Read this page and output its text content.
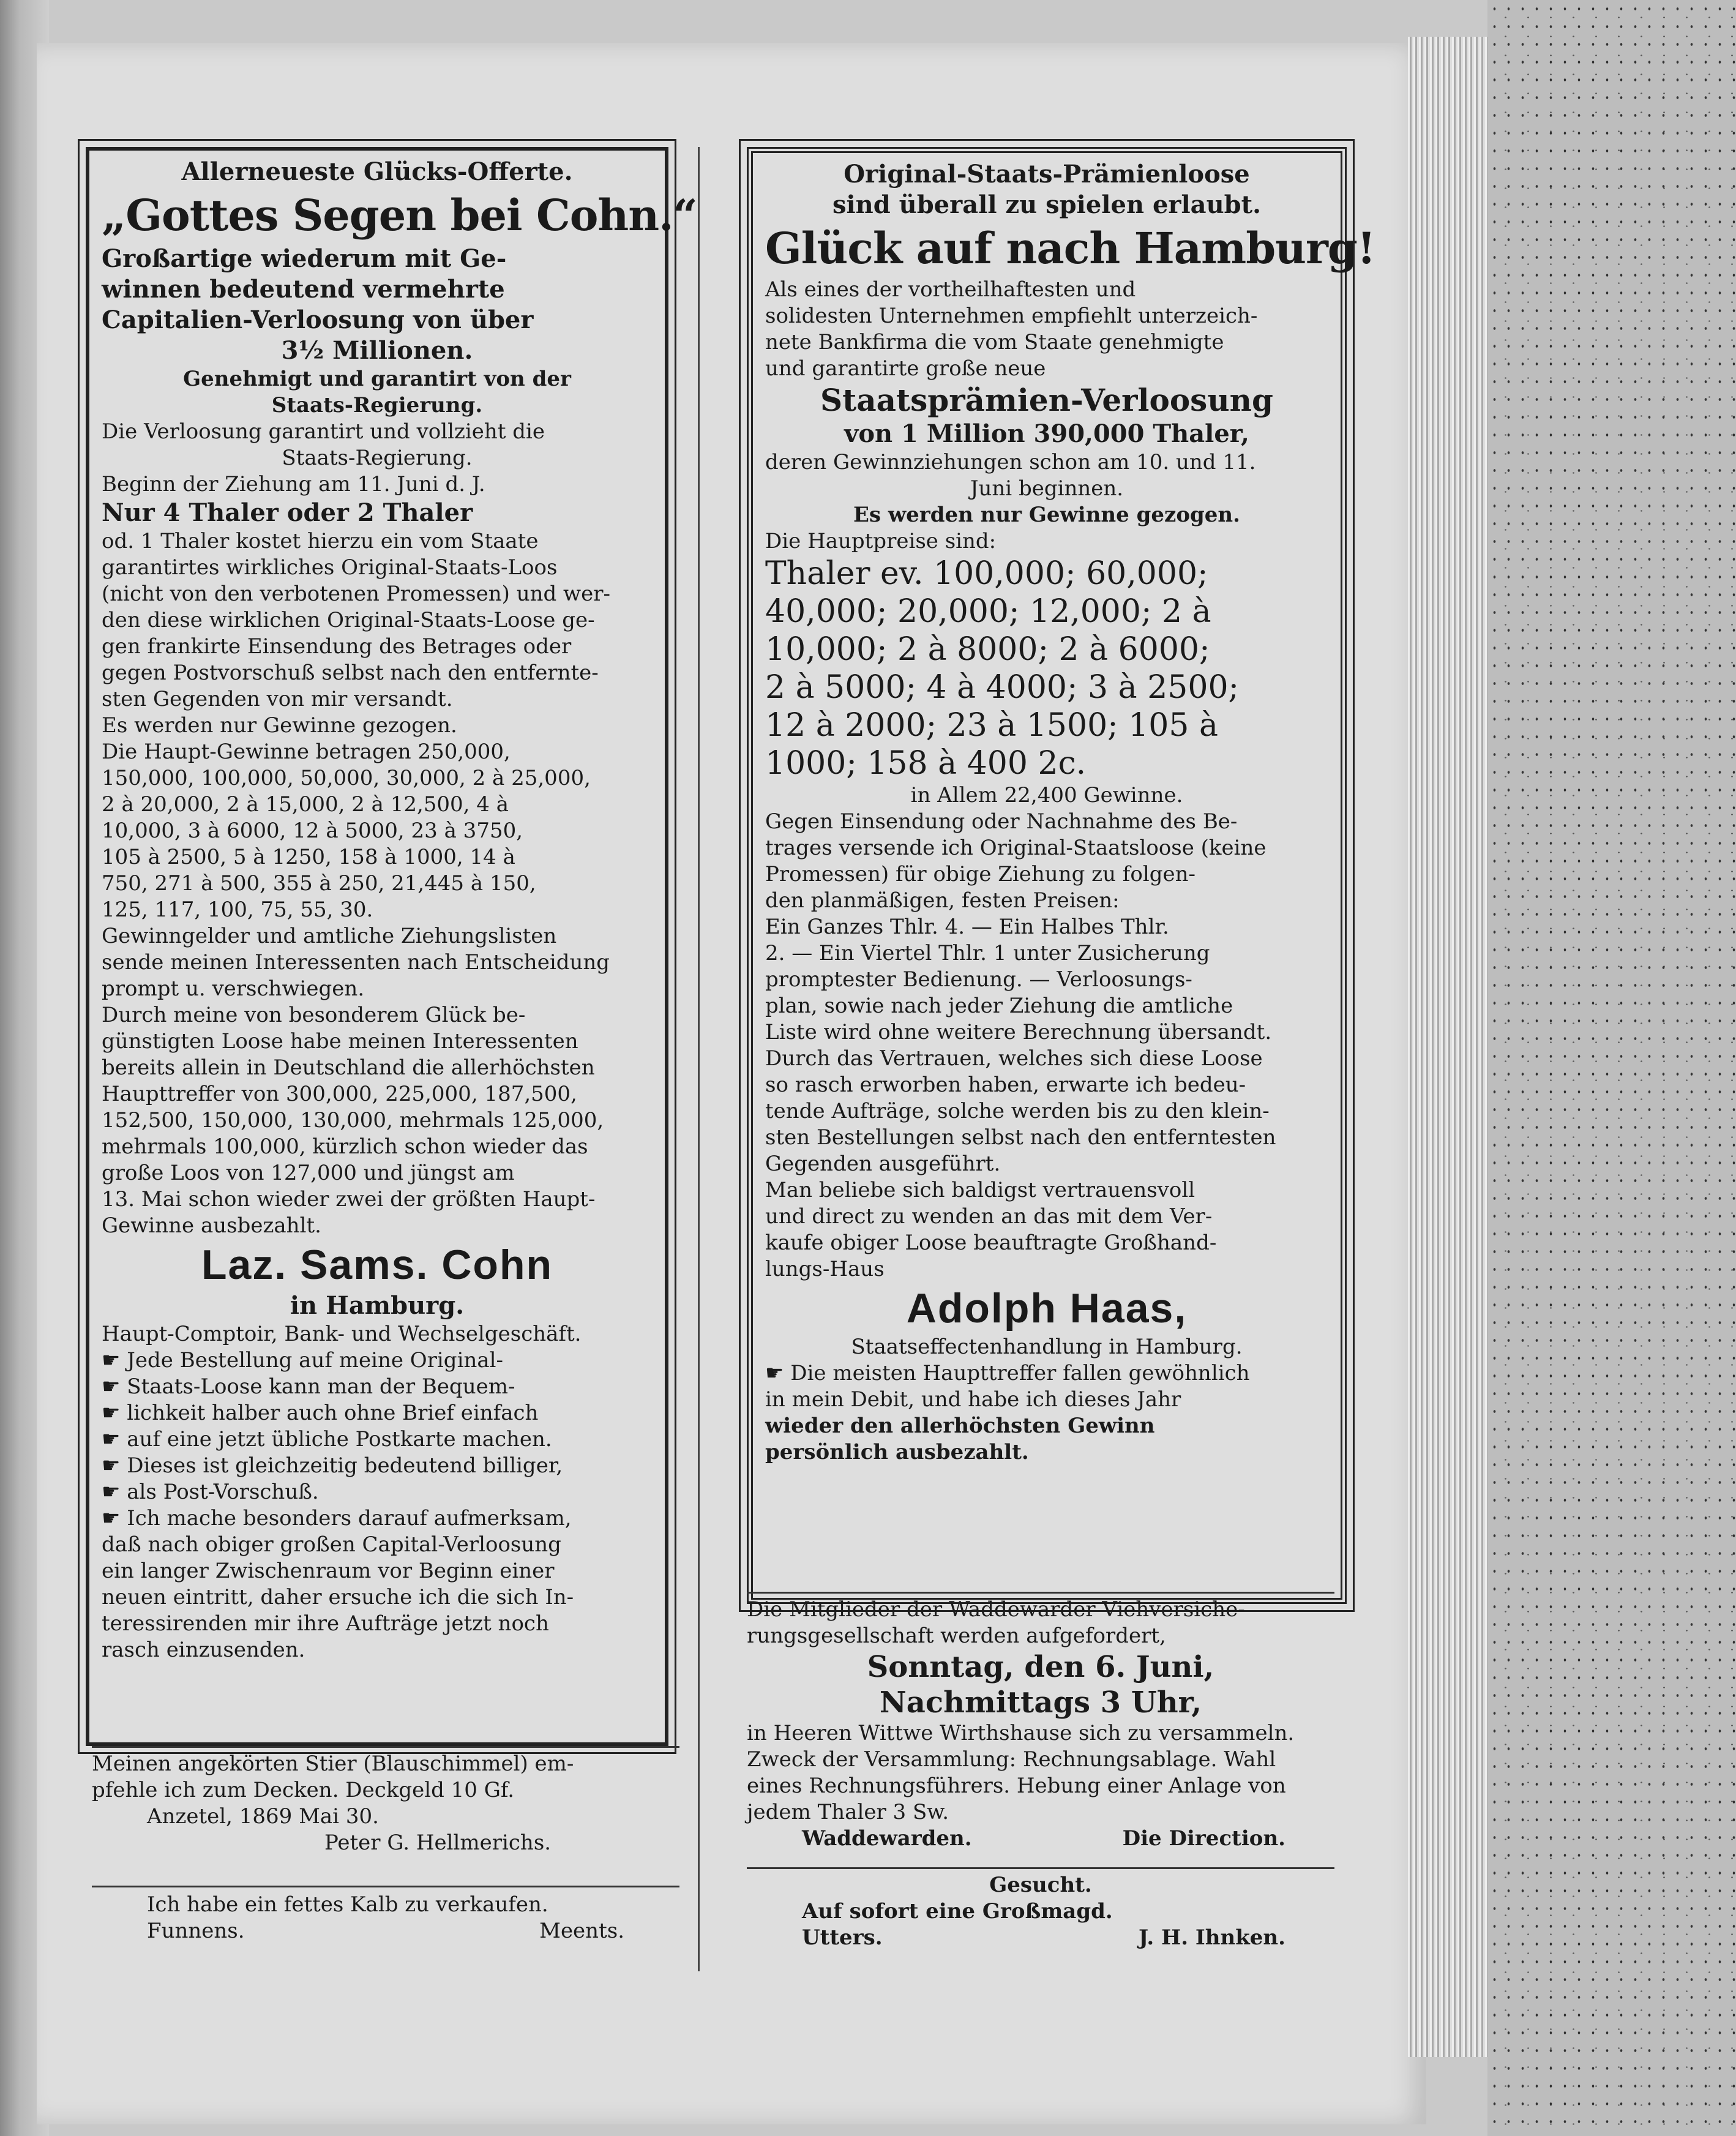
Allerneueste Glücks-Offerte.

„Gottes Segen bei Cohn.“

Großartige wiederum mit Ge-

winnen bedeutend vermehrte

Capitalien-Verloosung von über

3½ Millionen.

Genehmigt und garantirt von der

Staats-Regierung.

Die Verloosung garantirt und vollzieht die

Staats-Regierung.

Beginn der Ziehung am 11. Juni d. J.

Nur 4 Thaler oder 2 Thaler

od. 1 Thaler kostet hierzu ein vom Staate

garantirtes wirkliches Original-Staats-Loos

(nicht von den verbotenen Promessen) und wer-

den diese wirklichen Original-Staats-Loose ge-

gen frankirte Einsendung des Betrages oder

gegen Postvorschuß selbst nach den entfernte-

sten Gegenden von mir versandt.

Es werden nur Gewinne gezogen.

Die Haupt-Gewinne betragen 250,000,

150,000, 100,000, 50,000, 30,000, 2 à 25,000,

2 à 20,000, 2 à 15,000, 2 à 12,500, 4 à

10,000, 3 à 6000, 12 à 5000, 23 à 3750,

105 à 2500, 5 à 1250, 158 à 1000, 14 à

750, 271 à 500, 355 à 250, 21,445 à 150,

125, 117, 100, 75, 55, 30.

Gewinngelder und amtliche Ziehungslisten

sende meinen Interessenten nach Entscheidung

prompt u. verschwiegen.

Durch meine von besonderem Glück be-

günstigten Loose habe meinen Interessenten

bereits allein in Deutschland die allerhöchsten

Haupttreffer von 300,000, 225,000, 187,500,

152,500, 150,000, 130,000, mehrmals 125,000,

mehrmals 100,000, kürzlich schon wieder das

große Loos von 127,000 und jüngst am

13. Mai schon wieder zwei der größten Haupt-

Gewinne ausbezahlt.

Laz. Sams. Cohn

in Hamburg.

Haupt-Comptoir, Bank- und Wechselgeschäft.

☛ Jede Bestellung auf meine Original-

☛ Staats-Loose kann man der Bequem-

☛ lichkeit halber auch ohne Brief einfach

☛ auf eine jetzt übliche Postkarte machen.

☛ Dieses ist gleichzeitig bedeutend billiger,

☛ als Post-Vorschuß.

☛ Ich mache besonders darauf aufmerksam,

daß nach obiger großen Capital-Verloosung

ein langer Zwischenraum vor Beginn einer

neuen eintritt, daher ersuche ich die sich In-

teressirenden mir ihre Aufträge jetzt noch

rasch einzusenden.

Original-Staats-Prämienloose

sind überall zu spielen erlaubt.

Glück auf nach Hamburg!

Als eines der vortheilhaftesten und

solidesten Unternehmen empfiehlt unterzeich-

nete Bankfirma die vom Staate genehmigte

und garantirte große neue

Staatsprämien-Verloosung

von 1 Million 390,000 Thaler,

deren Gewinnziehungen schon am 10. und 11.

Juni beginnen.

Es werden nur Gewinne gezogen.

Die Hauptpreise sind:

Thaler ev. 100,000; 60,000;

40,000; 20,000; 12,000; 2 à

10,000; 2 à 8000; 2 à 6000;

2 à 5000; 4 à 4000; 3 à 2500;

12 à 2000; 23 à 1500; 105 à

1000; 158 à 400 2c.

in Allem 22,400 Gewinne.

Gegen Einsendung oder Nachnahme des Be-

trages versende ich Original-Staatsloose (keine

Promessen) für obige Ziehung zu folgen-

den planmäßigen, festen Preisen:

Ein Ganzes Thlr. 4. — Ein Halbes Thlr.

2. — Ein Viertel Thlr. 1 unter Zusicherung

promptester Bedienung. — Verloosungs-

plan, sowie nach jeder Ziehung die amtliche

Liste wird ohne weitere Berechnung übersandt.

Durch das Vertrauen, welches sich diese Loose

so rasch erworben haben, erwarte ich bedeu-

tende Aufträge, solche werden bis zu den klein-

sten Bestellungen selbst nach den entferntesten

Gegenden ausgeführt.

Man beliebe sich baldigst vertrauensvoll

und direct zu wenden an das mit dem Ver-

kaufe obiger Loose beauftragte Großhand-

lungs-Haus

Adolph Haas,

Staatseffectenhandlung in Hamburg.

☛ Die meisten Haupttreffer fallen gewöhnlich

in mein Debit, und habe ich dieses Jahr

wieder den allerhöchsten Gewinn

persönlich ausbezahlt.

Meinen angekörten Stier (Blauschimmel) em-

pfehle ich zum Decken. Deckgeld 10 Gf.

Anzetel, 1869 Mai 30.

Peter G. Hellmerichs.

Ich habe ein fettes Kalb zu verkaufen.

Funnens.	Meents.

Die Mitglieder der Waddewarder Viehversiche-

rungsgesellschaft werden aufgefordert,

Sonntag, den 6. Juni,

Nachmittags 3 Uhr,

in Heeren Wittwe Wirthshause sich zu versammeln.

Zweck der Versammlung: Rechnungsablage. Wahl

eines Rechnungsführers. Hebung einer Anlage von

jedem Thaler 3 Sw.

Waddewarden.	Die Direction.

Gesucht.

Auf sofort eine Großmagd.

Utters.	J. H. Ihnken.
